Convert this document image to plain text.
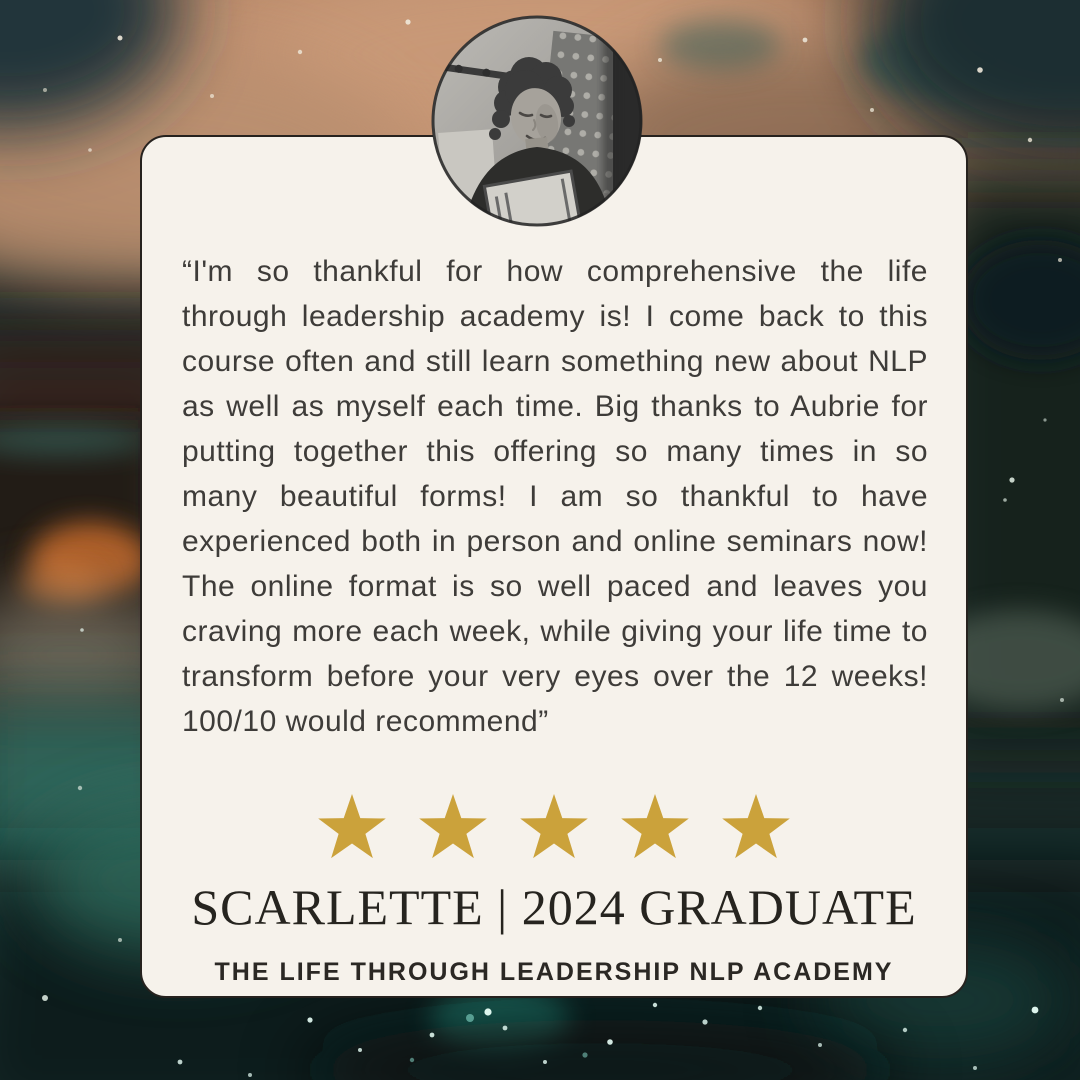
“I'm so thankful for how comprehensive the life through leadership academy is! I come back to this course often and still learn something new about NLP as well as myself each time. Big thanks to Aubrie for putting together this offering so many times in so many beautiful forms! I am so thankful to have experienced both in person and online seminars now! The online format is so well paced and leaves you craving more each week, while giving your life time to transform before your very eyes over the 12 weeks! 100/10 would recommend”
SCARLETTE | 2024 GRADUATE
THE LIFE THROUGH LEADERSHIP NLP ACADEMY
